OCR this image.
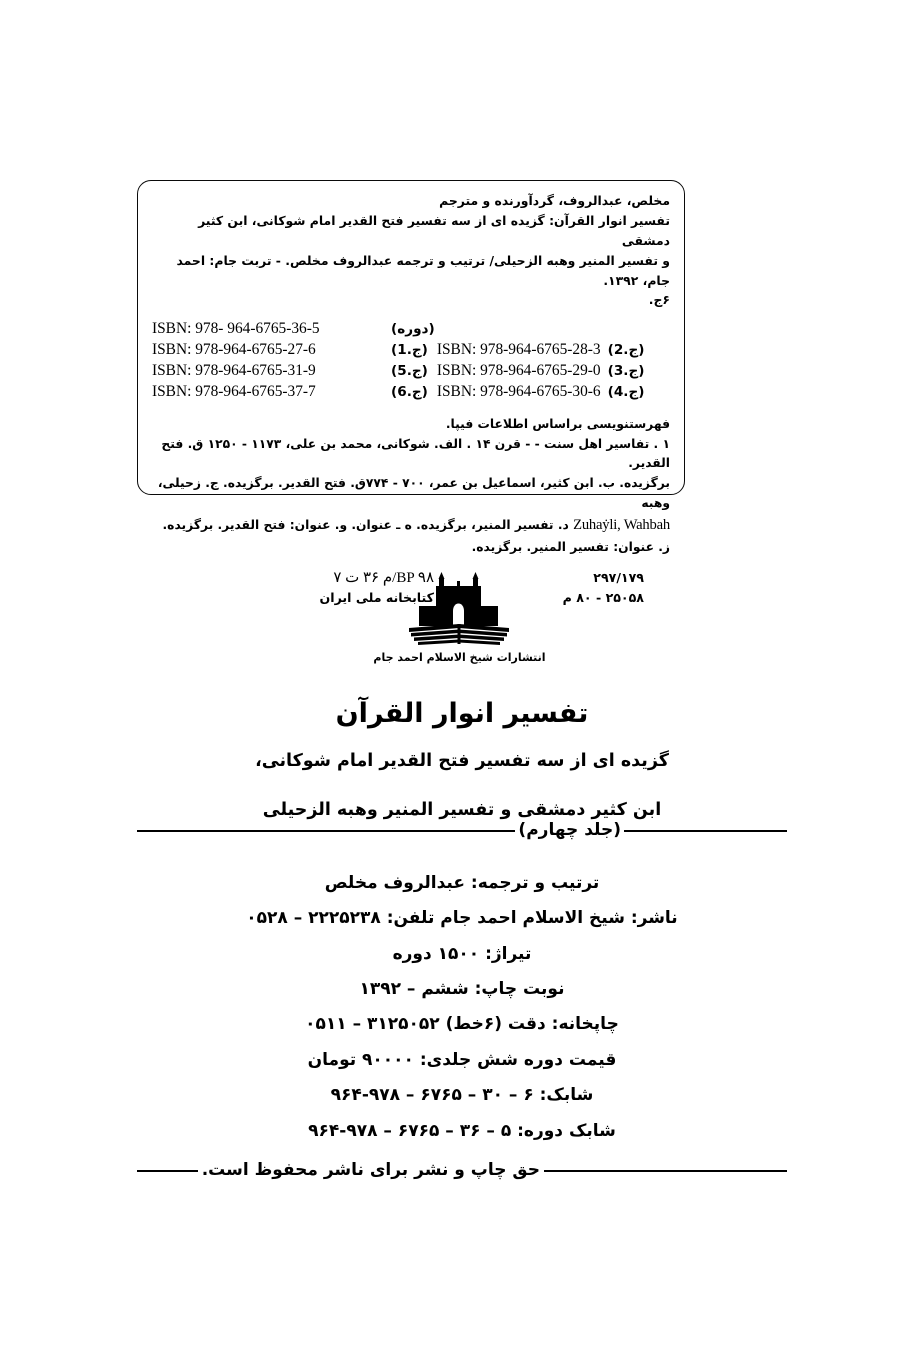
مخلص، عبدالروف، گردآورنده و مترجم
تفسیر انوار القرآن: گزیده ای از سه تفسیر فتح القدیر امام شوکانی، ابن کثیر دمشقی
و تفسیر المنیر وهبه الزحیلی/ ترتیب و ترجمه عبدالروف مخلص. - تربت جام: احمد جام، ۱۳۹۲.
۶ج.
ISBN: 978- 964-6765-36-5	(دوره)
ISBN: 978-964-6765-27-6	(ج.1) ISBN: 978-964-6765-28-3 (ج.2)
ISBN: 978-964-6765-31-9	(ج.5) ISBN: 978-964-6765-29-0 (ج.3)
ISBN: 978-964-6765-37-7	(ج.6) ISBN: 978-964-6765-30-6 (ج.4)
فهرستنویسی براساس اطلاعات فیپا.
۱ . تفاسیر اهل سنت - - قرن ۱۴ . الف. شوکانی، محمد بن علی، ۱۱۷۳ - ۱۲۵۰ ق. فتح القدیر.
برگزیده. ب. ابن کثیر، اسماعیل بن عمر، ۷۰۰ - ۷۷۴ق. فتح القدیر. برگزیده. ج. زحیلی، وهبه
Zuhaẏli, Wahbah د. تفسیر المنیر، برگزیده. ه ـ عنوان. و. عنوان: فتح القدیر. برگزیده.
ز. عنوان: تفسیر المنیر. برگزیده.
۲۹۷/۱۷۹
BP ۹۸/م ۳۶ ت ۷
۲۵۰۵۸ - ۸۰ م
کتابخانه ملی ایران
انتشارات شیخ الاسلام احمد جام
تفسیر انوار القرآن
گزیده ای از سه تفسیر فتح القدیر امام شوکانی،
ابن کثیر دمشقی و تفسیر المنیر وهبه الزحیلی
(جلد چهارم)
ترتیب و ترجمه: عبدالروف مخلص
ناشر: شیخ الاسلام احمد جام تلفن: ۲۲۲۵۲۳۸ – ۰۵۲۸
تیراژ: ۱۵۰۰ دوره
نوبت چاپ: ششم – ۱۳۹۲
چاپخانه: دقت (۶خط) ۳۱۲۵۰۵۲ – ۰۵۱۱
قیمت دوره شش جلدی: ۹۰۰۰۰ تومان
شابک: ۶ – ۳۰ – ۶۷۶۵ – ۹۷۸-۹۶۴
شابک دوره: ۵ – ۳۶ – ۶۷۶۵ – ۹۷۸-۹۶۴
حق چاپ و نشر برای ناشر محفوظ است.
